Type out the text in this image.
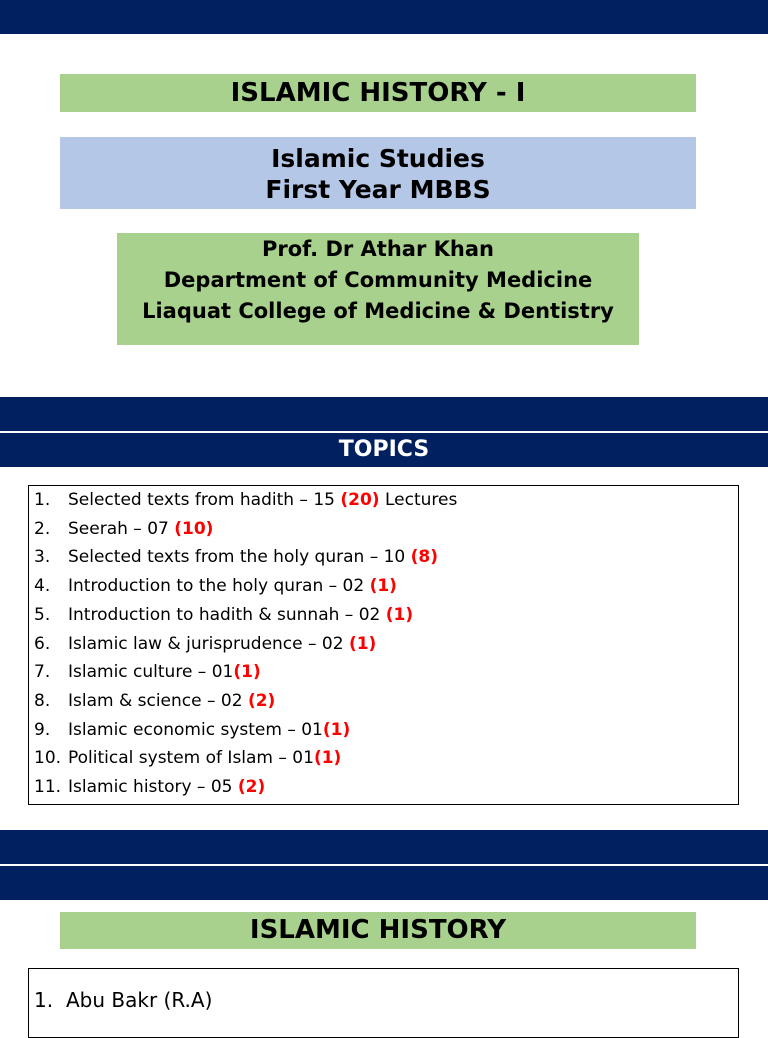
ISLAMIC HISTORY - I
Islamic Studies
First Year MBBS
Prof. Dr Athar Khan
Department of Community Medicine
Liaquat College of Medicine & Dentistry
TOPICS
1. Selected texts from hadith – 15 (20) Lectures
2. Seerah – 07 (10)
3. Selected texts from the holy quran – 10 (8)
4. Introduction to the holy quran – 02 (1)
5. Introduction to hadith & sunnah – 02 (1)
6. Islamic law & jurisprudence – 02 (1)
7. Islamic culture – 01(1)
8. Islam & science – 02 (2)
9. Islamic economic system – 01(1)
10. Political system of Islam – 01(1)
11. Islamic history – 05 (2)
ISLAMIC HISTORY
1. Abu Bakr (R.A)
